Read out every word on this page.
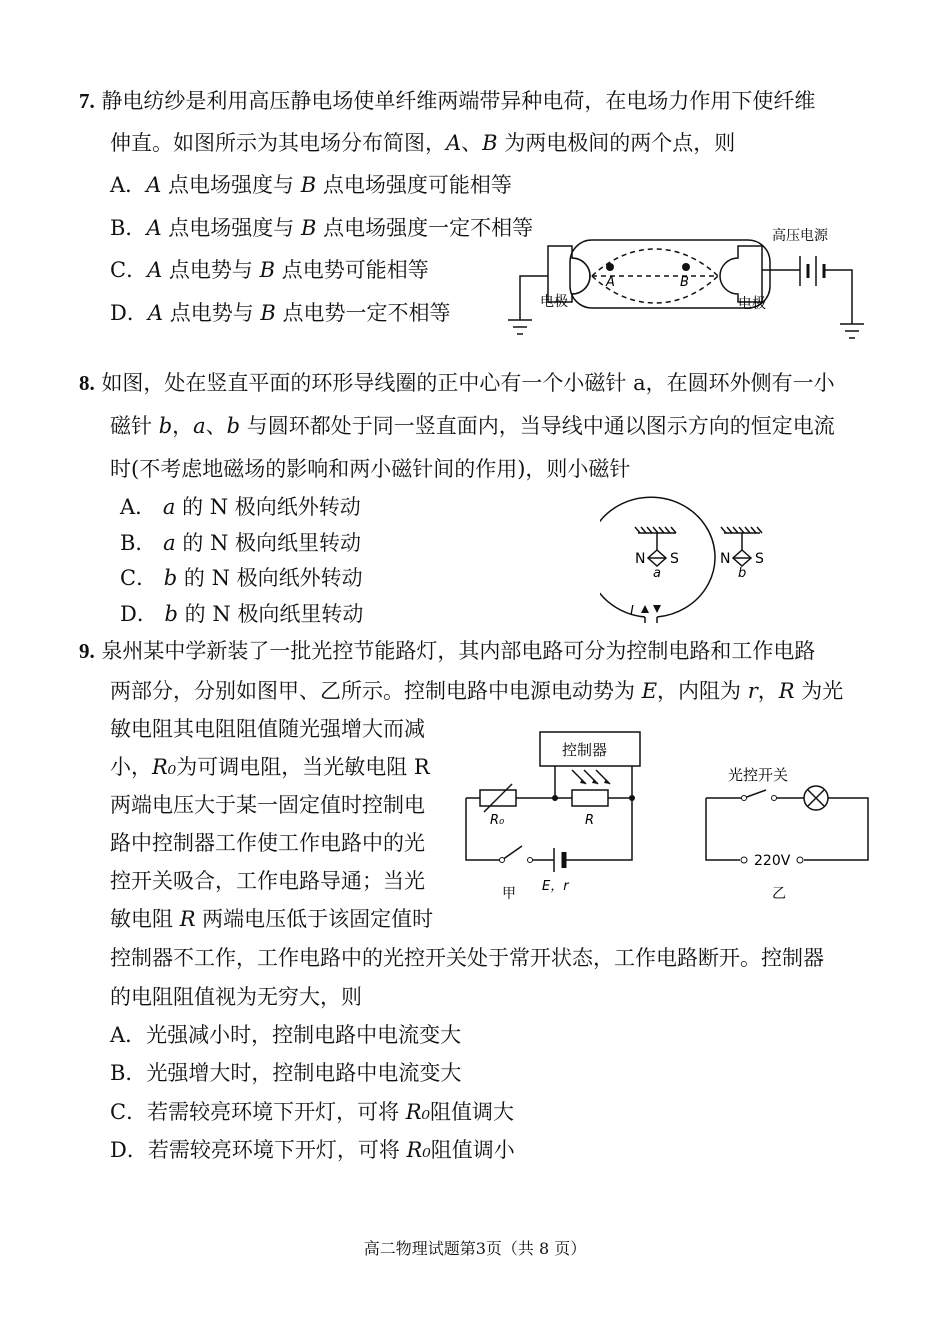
7. 静电纺纱是利用高压静电场使单纤维两端带异种电荷，在电场力作用下使纤维
伸直。如图所示为其电场分布简图，A、B 为两电极间的两个点，则
A．A 点电场强度与 B 点电场强度可能相等
B．A 点电场强度与 B 点电场强度一定不相等
C．A 点电势与 B 点电势可能相等
D．A 点电势与 B 点电势一定不相等
A	B
高压电源
电极	电极
8. 如图，处在竖直平面的环形导线圈的正中心有一个小磁针 a，在圆环外侧有一小
磁针 b，a、b 与圆环都处于同一竖直面内，当导线中通以图示方向的恒定电流
时(不考虑地磁场的影响和两小磁针间的作用)，则小磁针
A． a 的 N 极向纸外转动
B． a 的 N 极向纸里转动
C． b 的 N 极向纸外转动
D． b 的 N 极向纸里转动
N S
a
N S
b
I
9. 泉州某中学新装了一批光控节能路灯，其内部电路可分为控制电路和工作电路
两部分，分别如图甲、乙所示。控制电路中电源电动势为 E，内阻为 r，R 为光
敏电阻其电阻阻值随光强增大而减
小，R₀为可调电阻，当光敏电阻 R
两端电压大于某一固定值时控制电
路中控制器工作使工作电路中的光
控开关吸合，工作电路导通；当光
敏电阻 R 两端电压低于该固定值时
控制器不工作，工作电路中的光控开关处于常开状态，工作电路断开。控制器
的电阻阻值视为无穷大，则
A．光强减小时，控制电路中电流变大
B．光强增大时，控制电路中电流变大
C．若需较亮环境下开灯，可将 R₀阻值调大
D．若需较亮环境下开灯，可将 R₀阻值调小
控制器
R₀	R
E，r
甲
光控开关
220V
乙
高二物理试题第3页（共 8 页）
